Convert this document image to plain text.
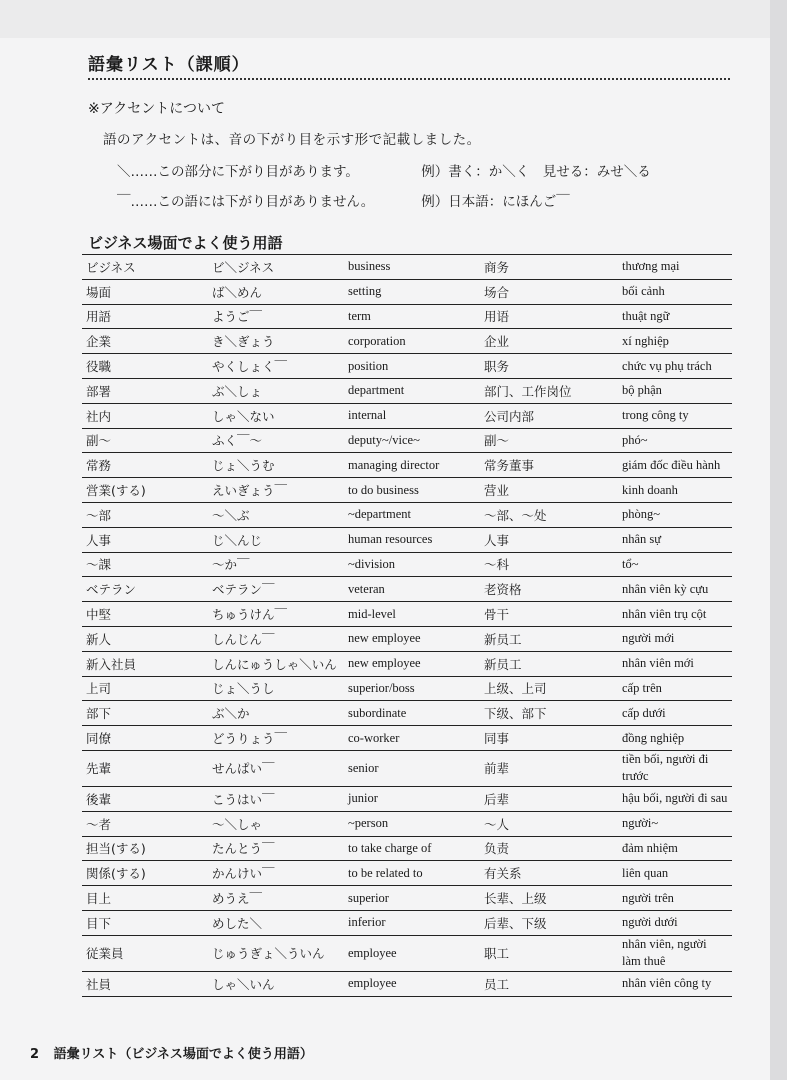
語彙リスト（課順）
※アクセントについて
語のアクセントは、音の下がり目を示す形で記載しました。
＼……この部分に下がり目があります。	例）書く：か＼く　見せる：みせ＼る
￣……この語には下がり目がありません。	例）日本語：にほんご￣
ビジネス場面でよく使う用語
ビジネス	ビ＼ジネス	business	商务	thương mại
場面	ば＼めん	setting	场合	bối cảnh
用語	ようご￣	term	用语	thuật ngữ
企業	き＼ぎょう	corporation	企业	xí nghiệp
役職	やくしょく￣	position	职务	chức vụ phụ trách
部署	ぶ＼しょ	department	部门、工作岗位	bộ phận
社内	しゃ＼ない	internal	公司内部	trong công ty
副～	ふく￣～	deputy~/vice~	副～	phó~
常務	じょ＼うむ	managing director	常务董事	giám đốc điều hành
営業(する)	えいぎょう￣	to do business	营业	kinh doanh
～部	～＼ぶ	~department	～部、～处	phòng~
人事	じ＼んじ	human resources	人事	nhân sự
～課	～か￣	~division	～科	tổ~
ベテラン	ベテラン￣	veteran	老资格	nhân viên kỳ cựu
中堅	ちゅうけん￣	mid-level	骨干	nhân viên trụ cột
新人	しんじん￣	new employee	新员工	người mới
新入社員	しんにゅうしゃ＼いん	new employee	新员工	nhân viên mới
上司	じょ＼うし	superior/boss	上级、上司	cấp trên
部下	ぶ＼か	subordinate	下级、部下	cấp dưới
同僚	どうりょう￣	co-worker	同事	đồng nghiệp
先輩	せんぱい￣	senior	前辈	tiền bối, người đi trước
後輩	こうはい￣	junior	后辈	hậu bối, người đi sau
～者	～＼しゃ	~person	～人	người~
担当(する)	たんとう￣	to take charge of	负责	đảm nhiệm
関係(する)	かんけい￣	to be related to	有关系	liên quan
目上	めうえ￣	superior	长辈、上级	người trên
目下	めした＼	inferior	后辈、下级	người dưới
従業員	じゅうぎょ＼ういん	employee	职工	nhân viên, người làm thuê
社員	しゃ＼いん	employee	员工	nhân viên công ty
2 語彙リスト（ビジネス場面でよく使う用語）
